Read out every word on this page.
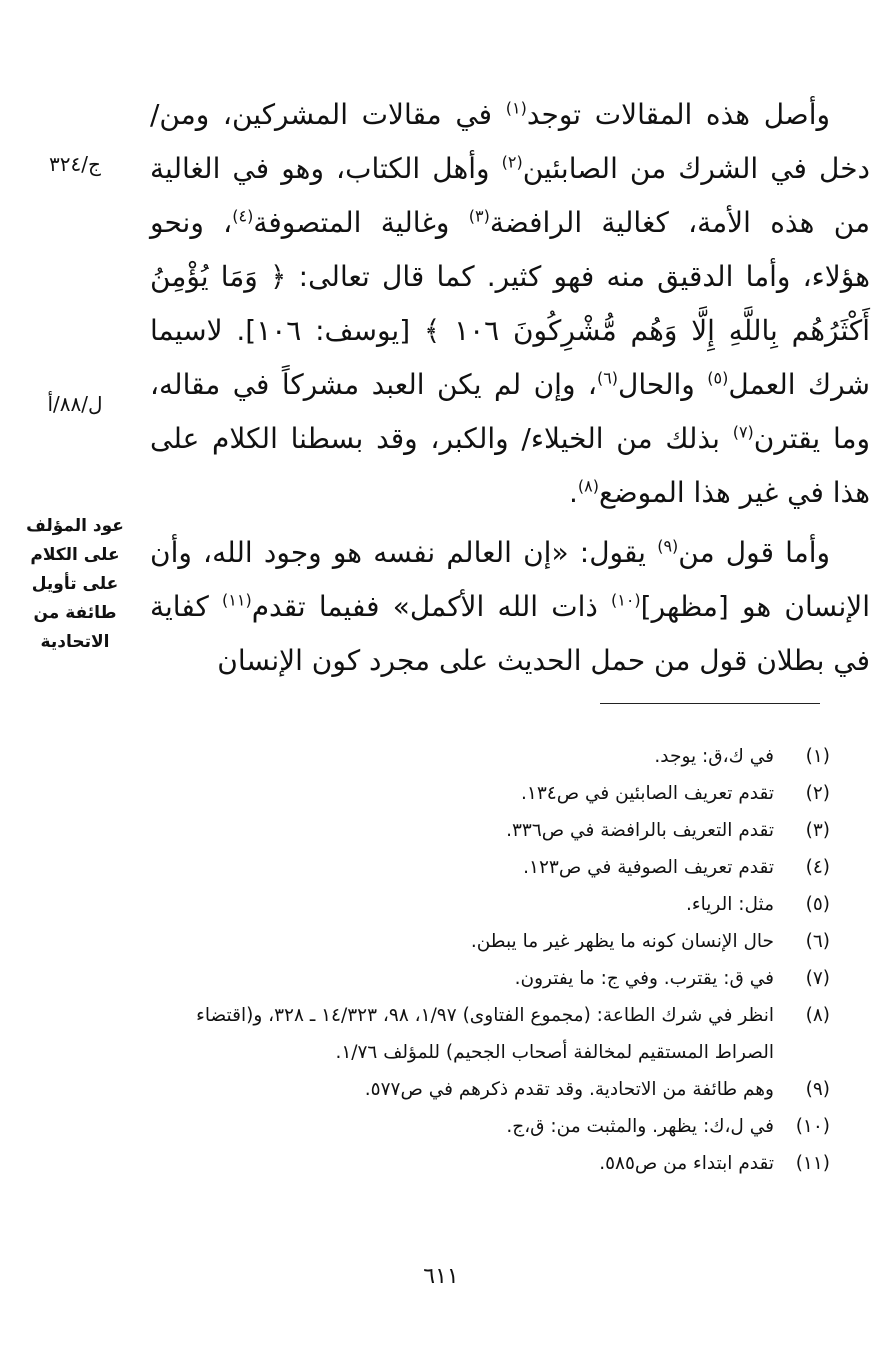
وأصل هذه المقالات توجد$^{(١)}$ في مقالات المشركين، ومن/ دخل في الشرك من الصابئين$^{(٢)}$ وأهل الكتاب، وهو في الغالية من هذه الأمة، كغالية الرافضة$^{(٣)}$ وغالية المتصوفة$^{(٤)}$، ونحو هؤلاء، وأما الدقيق منه فهو كثير. كما قال تعالى: ﴿ وَمَا يُؤْمِنُ أَكْثَرُهُم بِاللَّهِ إِلَّا وَهُم مُّشْرِكُونَ ١٠٦ ﴾ [يوسف: ١٠٦]. لاسيما شرك العمل$^{(٥)}$ والحال$^{(٦)}$، وإن لم يكن العبد مشركاً في مقاله، وما يقترن$^{(٧)}$ بذلك من الخيلاء/ والكبر، وقد بسطنا الكلام على هذا في غير هذا الموضع$^{(٨)}$.

وأما قول من$^{(٩)}$ يقول: «إن العالم نفسه هو وجود الله، وأن الإنسان هو [مظهر]$^{(١٠)}$ ذات الله الأكمل» ففيما تقدم$^{(١١)}$ كفاية في بطلان قول من حمل الحديث على مجرد كون الإنسان

ج/٣٢٤
ل/٨٨/أ
عود المؤلف
على الكلام
على تأويل
طائفة من
الاتحادية
(١)
في ك،ق: يوجد.
(٢)
تقدم تعريف الصابئين في ص١٣٤.
(٣)
تقدم التعريف بالرافضة في ص٣٣٦.
(٤)
تقدم تعريف الصوفية في ص١٢٣.
(٥)
مثل: الرياء.
(٦)
حال الإنسان كونه ما يظهر غير ما يبطن.
(٧)
في ق: يقترب. وفي ج: ما يفترون.
(٨)
انظر في شرك الطاعة: (مجموع الفتاوى) ١/٩٧، ٩٨، ١٤/٣٢٣ ـ ٣٢٨، و(اقتضاء الصراط المستقيم لمخالفة أصحاب الجحيم) للمؤلف ١/٧٦.
(٩)
وهم طائفة من الاتحادية. وقد تقدم ذكرهم في ص٥٧٧.
(١٠)
في ل،ك: يظهر. والمثبت من: ق،ج.
(١١)
تقدم ابتداء من ص٥٨٥.
٦١١
